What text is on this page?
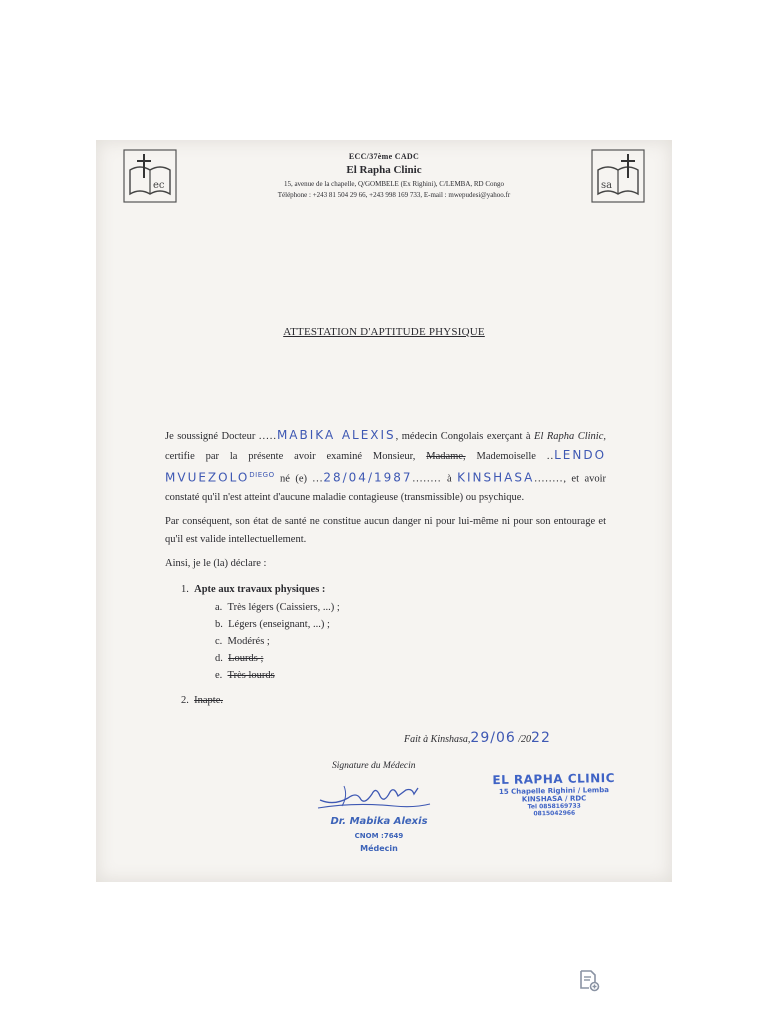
ec	sa
ECC/37ème CADC
El Rapha Clinic
15, avenue de la chapelle, Q/GOMBELE (Ex Righini), C/LEMBA, RD Congo
Téléphone : +243 81 504 29 66, +243 998 169 733, E-mail : mwepudesi@yahoo.fr
ATTESTATION D'APTITUDE PHYSIQUE

Je soussigné Docteur .....MABIKA ALEXIS, médecin Congolais exerçant à El Rapha Clinic, certifie par la présente avoir examiné Monsieur, Madame, Mademoiselle ..LENDO $MVUEZOLO^{DIEGO}$ né (e) ...28/04/1987........ à KINSHASA........, et avoir constaté qu'il n'est atteint d'aucune maladie contagieuse (transmissible) ou psychique.

Par conséquent, son état de santé ne constitue aucun danger ni pour lui-même ni pour son entourage et qu'il est valide intellectuellement.

Ainsi, je le (la) déclare :

1. Apte aux travaux physiques :
a. Très légers (Caissiers, ...) ;
b. Légers (enseignant, ...) ;
c. Modérés ;
d. Lourds ;
e. Très lourds
2. Inapte.
Fait à Kinshasa,29/06 /2022
Signature du Médecin
Dr. Mabika Alexis
CNOM :7649
Médecin
EL RAPHA CLINIC
15 Chapelle Righini / Lemba
KINSHASA / RDC
Tel 0858169733
0815042966
